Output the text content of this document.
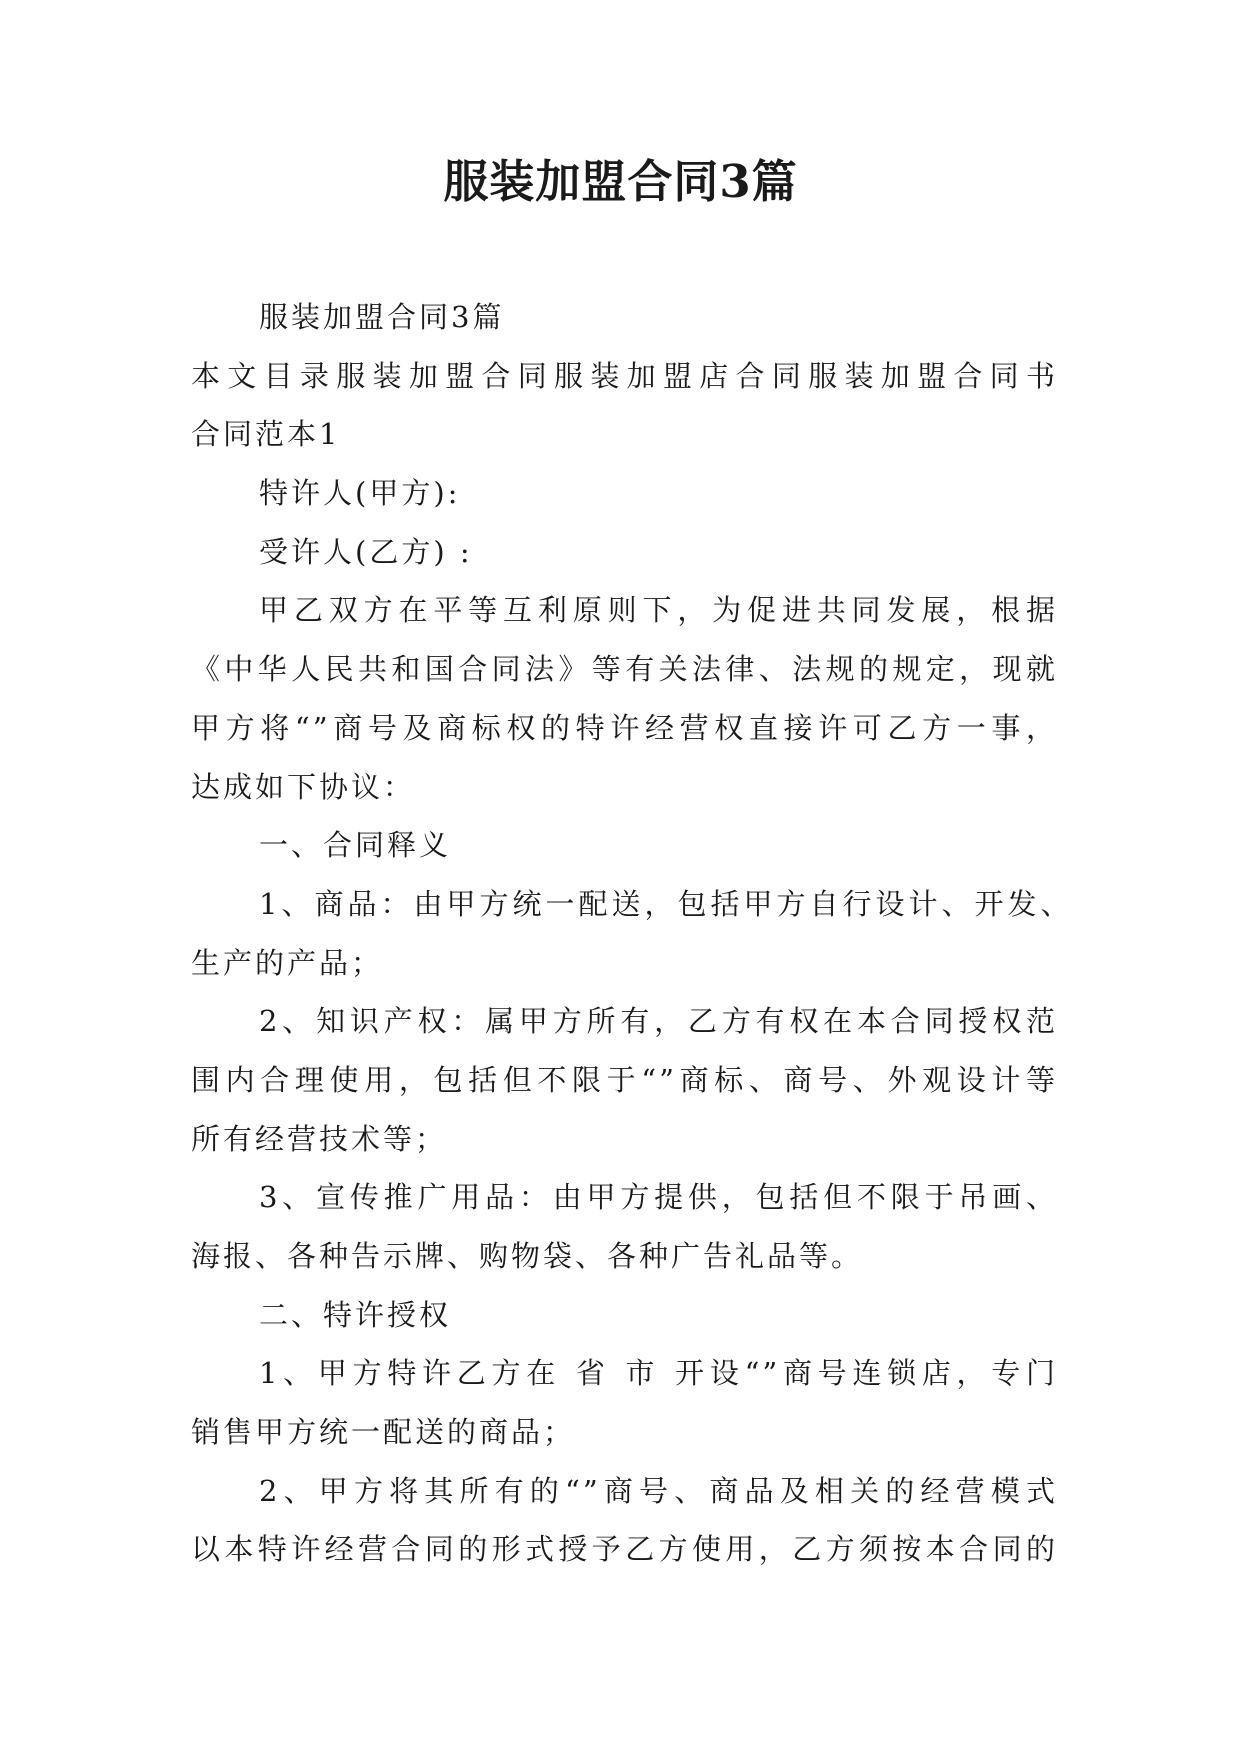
服装加盟合同3篇
服装加盟合同3篇
本文目录服装加盟合同服装加盟店合同服装加盟合同书
合同范本1
特许人(甲方):
受许人(乙方) :
甲乙双方在平等互利原则下，为促进共同发展，根据
《中华人民共和国合同法》等有关法律、法规的规定，现就
甲方将“”商号及商标权的特许经营权直接许可乙方一事，
达成如下协议：
一、合同释义
1、商品：由甲方统一配送，包括甲方自行设计、开发、
生产的产品；
2、知识产权：属甲方所有，乙方有权在本合同授权范
围内合理使用，包括但不限于“”商标、商号、外观设计等
所有经营技术等；
3、宣传推广用品：由甲方提供，包括但不限于吊画、
海报、各种告示牌、购物袋、各种广告礼品等。
二、特许授权
1、甲方特许乙方在 省 市 开设“”商号连锁店，专门
销售甲方统一配送的商品；
2、甲方将其所有的“”商号、商品及相关的经营模式
以本特许经营合同的形式授予乙方使用，乙方须按本合同的
